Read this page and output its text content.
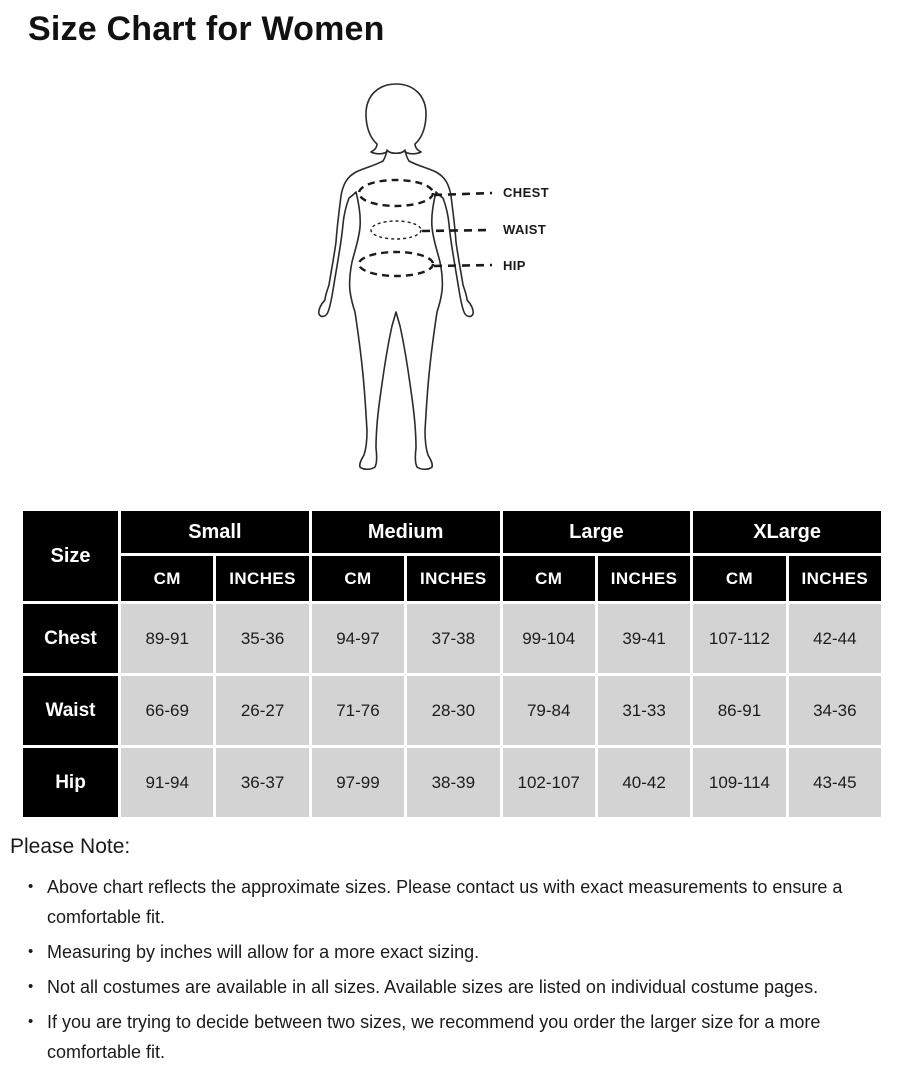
Size Chart for Women
CHEST
WAIST
HIP
Size	Small		Medium		Large		XLarge	
	CM	INCHES	CM	INCHES	CM	INCHES	CM	INCHES
Chest	89-91	35-36	94-97	37-38	99-104	39-41	107-112	42-44
Waist	66-69	26-27	71-76	28-30	79-84	31-33	86-91	34-36
Hip	91-94	36-37	97-99	38-39	102-107	40-42	109-114	43-45
Please Note:
• Above chart reflects the approximate sizes. Please contact us with exact measurements to ensure a comfortable fit.
• Measuring by inches will allow for a more exact sizing.
• Not all costumes are available in all sizes. Available sizes are listed on individual costume pages.
• If you are trying to decide between two sizes, we recommend you order the larger size for a more comfortable fit.
